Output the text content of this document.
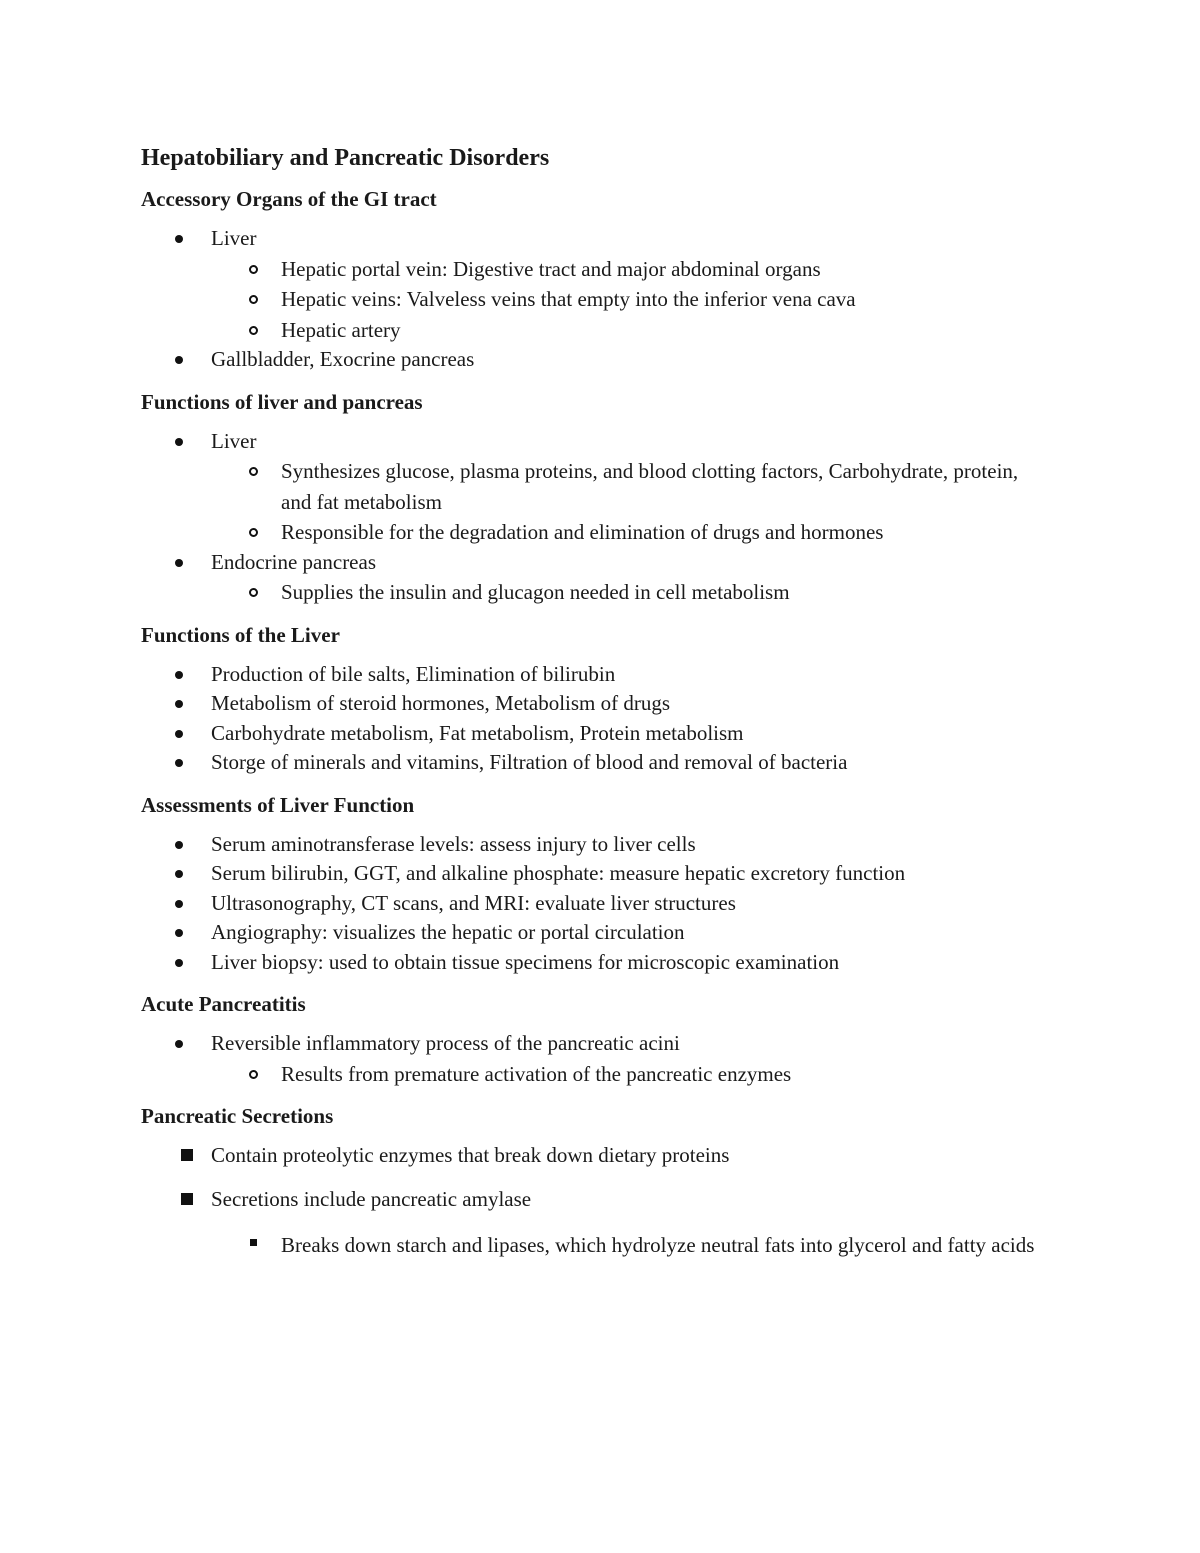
Hepatobiliary and Pancreatic Disorders
Accessory Organs of the GI tract
Liver
Hepatic portal vein: Digestive tract and major abdominal organs
Hepatic veins: Valveless veins that empty into the inferior vena cava
Hepatic artery
Gallbladder, Exocrine pancreas
Functions of liver and pancreas
Liver
Synthesizes glucose, plasma proteins, and blood clotting factors, Carbohydrate, protein, and fat metabolism
Responsible for the degradation and elimination of drugs and hormones
Endocrine pancreas
Supplies the insulin and glucagon needed in cell metabolism
Functions of the Liver
Production of bile salts, Elimination of bilirubin
Metabolism of steroid hormones, Metabolism of drugs
Carbohydrate metabolism, Fat metabolism, Protein metabolism
Storge of minerals and vitamins, Filtration of blood and removal of bacteria
Assessments of Liver Function
Serum aminotransferase levels: assess injury to liver cells
Serum bilirubin, GGT, and alkaline phosphate: measure hepatic excretory function
Ultrasonography, CT scans, and MRI: evaluate liver structures
Angiography: visualizes the hepatic or portal circulation
Liver biopsy: used to obtain tissue specimens for microscopic examination
Acute Pancreatitis
Reversible inflammatory process of the pancreatic acini
Results from premature activation of the pancreatic enzymes
Pancreatic Secretions
Contain proteolytic enzymes that break down dietary proteins
Secretions include pancreatic amylase
Breaks down starch and lipases, which hydrolyze neutral fats into glycerol and fatty acids
